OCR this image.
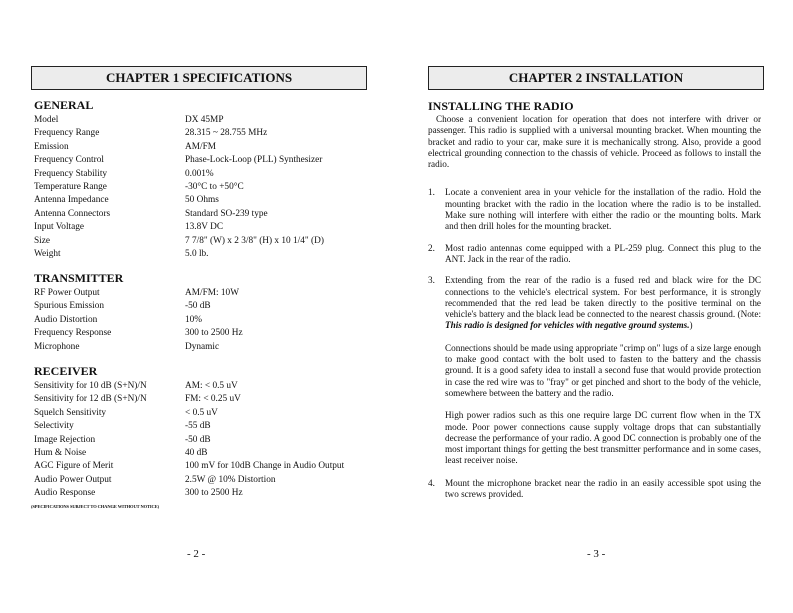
CHAPTER 1 SPECIFICATIONS
GENERAL
Model	DX 45MP
Frequency Range	28.315 ~ 28.755 MHz
Emission	AM/FM
Frequency Control	Phase-Lock-Loop (PLL) Synthesizer
Frequency Stability	0.001%
Temperature Range	-30°C to +50°C
Antenna Impedance	50 Ohms
Antenna Connectors	Standard SO-239 type
Input Voltage	13.8V DC
Size	7 7/8" (W) x 2 3/8" (H) x 10 1/4" (D)
Weight	5.0 lb.
TRANSMITTER
RF Power Output	AM/FM: 10W
Spurious Emission	-50 dB
Audio Distortion	10%
Frequency Response	300 to 2500 Hz
Microphone	Dynamic
RECEIVER
Sensitivity for 10 dB (S+N)/N	AM: < 0.5 uV
Sensitivity for 12 dB (S+N)/N	FM: < 0.25 uV
Squelch Sensitivity	< 0.5 uV
Selectivity	-55 dB
Image Rejection	-50 dB
Hum & Noise	40 dB
AGC Figure of Merit	100 mV for 10dB Change in Audio Output
Audio Power Output	2.5W @ 10% Distortion
Audio Response	300 to 2500 Hz
(SPECIFICATIONS SUBJECT TO CHANGE WITHOUT NOTICE)
- 2 -
CHAPTER 2 INSTALLATION
INSTALLING THE RADIO

Choose a convenient location for operation that does not interfere with driver or passenger. This radio is supplied with a universal mounting bracket. When mounting the bracket and radio to your car, make sure it is mechanically strong. Also, provide a good electrical grounding connection to the chassis of vehicle. Proceed as follows to install the radio.

1. Locate a convenient area in your vehicle for the installation of the radio. Hold the mounting bracket with the radio in the location where the radio is to be installed. Make sure nothing will interfere with either the radio or the mounting bolts. Mark and then drill holes for the mounting bracket.

2. Most radio antennas come equipped with a PL-259 plug. Connect this plug to the ANT. Jack in the rear of the radio.

3. Extending from the rear of the radio is a fused red and black wire for the DC connections to the vehicle's electrical system. For best performance, it is strongly recommended that the red lead be taken directly to the positive terminal on the vehicle's battery and the black lead be connected to the nearest chassis ground. (Note: This radio is designed for vehicles with negative ground systems.)

Connections should be made using appropriate "crimp on" lugs of a size large enough to make good contact with the bolt used to fasten to the battery and the chassis ground. It is a good safety idea to install a second fuse that would provide protection in case the red wire was to "fray" or get pinched and short to the body of the vehicle, somewhere between the battery and the radio.

High power radios such as this one require large DC current flow when in the TX mode. Poor power connections cause supply voltage drops that can substantially decrease the performance of your radio. A good DC connection is probably one of the most important things for getting the best transmitter performance and in some cases, least receiver noise.

4. Mount the microphone bracket near the radio in an easily accessible spot using the two screws provided.

- 3 -
